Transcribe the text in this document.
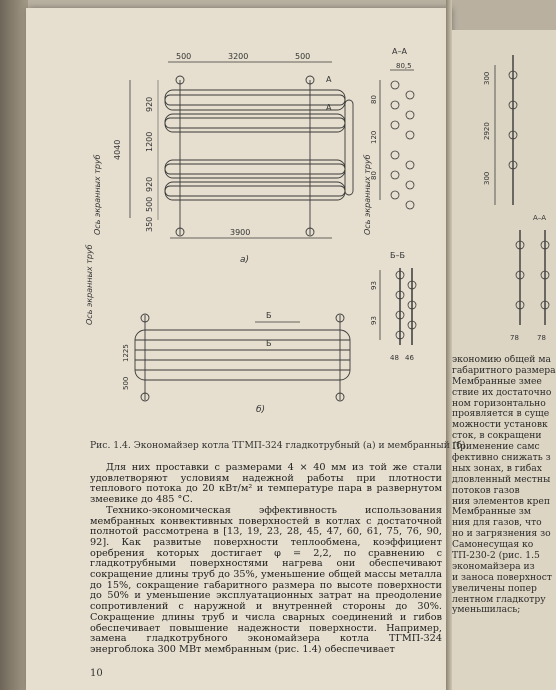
500	3200	500
4040
920
1200
920
500
350
A
A
3900
а)
Ось экранных труб
Ось экранных труб
A–A
80,5
80
120
80
Б–Б
93
93
48 46
Б
Б
1225
500
б)
Ось экранных труб
Рис. 1.4. Экономайзер котла ТГМП-324 гладкотрубный (а) и мембранный (б)

Для них проставки с размерами 4 × 40 мм из той же стали удовлетворяют условиям надежной работы при плотности теплового потока до 20 кВт/м² и температуре пара в развернутом змеевике до 485 °С.

Технико-экономическая эффективность использования мембранных конвективных поверхностей в котлах с достаточной полнотой рассмотрена в [13, 19, 23, 28, 45, 47, 60, 61, 75, 76, 90, 92]. Как развитые поверхности теплообмена, коэффициент оребрения которых достигает φ = 2,2, по сравнению с гладкотрубными поверхностями нагрева они обеспечивают сокращение длины труб до 35%, уменьшение общей массы металла до 15%, сокращение габаритного размера по высоте поверхности до 50% и уменьшение эксплуатационных затрат на преодоление сопротивлений с наружной и внутренней стороны до 30%. Сокращение длины труб и числа сварных соединений и гибов обеспечивает повышение надежности поверхности. Например, замена гладкотрубного экономайзера котла ТГМП-324 энергоблока 300 МВт мембранным (рис. 1.4) обеспечивает

10
300
2920
300
A–A
78	78
экономию общей ма
габаритного размера
Мембранные змее
ствие их достаточно
ном горизонтально
проявляется в суще
можности установк
сток, в сокращени
Применение самс
фективно снижать з
ных зонах, в гибах
дловленный местны
потоков газов
ния элементов креп
Мембранные зм
ния для газов, что
но и загрязнения зо
Самонесущая ко
ТП-230-2 (рис. 1.5
экономайзера из
и заноса поверхност
увеличены попер
лентном гладкотру
уменьшилась;
